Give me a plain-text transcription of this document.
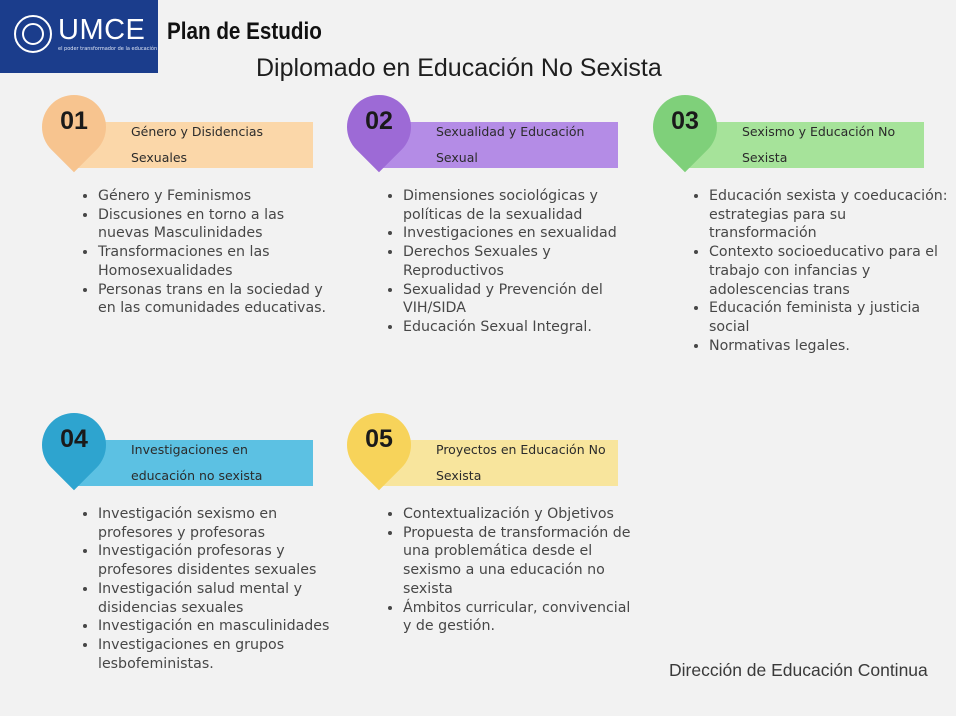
UMCE
el poder transformador de la educación
Plan de Estudio
Diplomado en Educación No Sexista
Género y Disidencias Sexuales
01
• Género y Feminismos
• Discusiones en torno a las nuevas Masculinidades
• Transformaciones en las Homosexualidades
• Personas trans en la sociedad y en las comunidades educativas.
Sexualidad y Educación Sexual
02
• Dimensiones sociológicas y políticas de la sexualidad
• Investigaciones en sexualidad
• Derechos Sexuales y Reproductivos
• Sexualidad y Prevención del VIH/SIDA
• Educación Sexual Integral.
Sexismo y Educación No Sexista
03
• Educación sexista y coeducación: estrategias para su transformación
• Contexto socioeducativo para el trabajo con infancias y adolescencias trans
• Educación feminista y justicia social
• Normativas legales.
Investigaciones en educación no sexista
04
• Investigación sexismo en profesores y profesoras
• Investigación profesoras y profesores disidentes sexuales
• Investigación salud mental y disidencias sexuales
• Investigación en masculinidades
• Investigaciones en grupos lesbofeministas.
Proyectos en Educación No Sexista
05
• Contextualización y Objetivos
• Propuesta de transformación de una problemática desde el sexismo a una educación no sexista
• Ámbitos curricular, convivencial y de gestión.
Dirección de Educación Continua
